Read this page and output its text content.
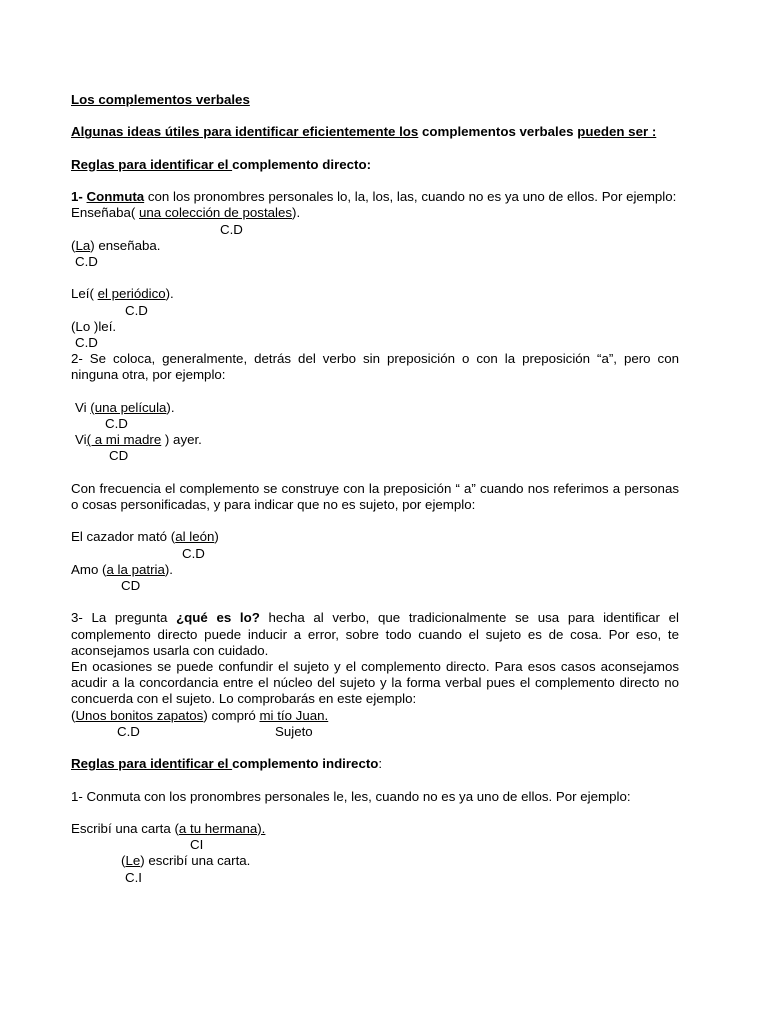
Los complementos verbales
Algunas ideas útiles para identificar eficientemente los complementos verbales pueden ser :
Reglas para identificar el complemento directo:
1- Conmuta con los pronombres personales lo, la, los, las, cuando no es ya uno de ellos. Por ejemplo:
Enseñaba( una colección de postales).
C.D
(La) enseñaba.
C.D
Leí( el periódico).
C.D
(Lo )leí.
C.D
2- Se coloca, generalmente, detrás del verbo sin preposición o con la preposición “a”, pero con ninguna otra, por ejemplo:
Vi (una película).
C.D
Vi( a mi madre ) ayer.
CD
Con frecuencia el complemento se construye con la preposición “ a” cuando nos referimos a personas o cosas personificadas, y para indicar que no es sujeto, por ejemplo:
El cazador mató (al león)
C.D
Amo (a la patria).
CD
3- La pregunta ¿qué es lo? hecha al verbo, que tradicionalmente se usa para identificar el complemento directo puede inducir a error, sobre todo cuando el sujeto es de cosa. Por eso, te aconsejamos usarla con cuidado.
En ocasiones se puede confundir el sujeto y el complemento directo. Para esos casos aconsejamos acudir a la concordancia entre el núcleo del sujeto y la forma verbal pues el complemento directo no concuerda con el sujeto. Lo comprobarás en este ejemplo:
(Unos bonitos zapatos) compró mi tío Juan.
C.D	Sujeto
Reglas para identificar el complemento indirecto:
1- Conmuta con los pronombres personales le, les, cuando no es ya uno de ellos. Por ejemplo:
Escribí una carta (a tu hermana).
CI
(Le) escribí una carta.
C.I
